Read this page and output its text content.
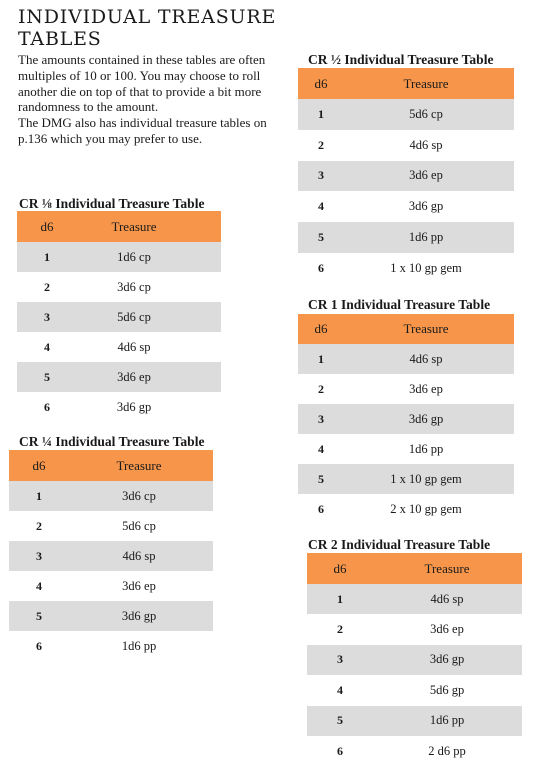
INDIVIDUAL TREASURE TABLES

The amounts contained in these tables are often multiples of 10 or 100. You may choose to roll another die on top of that to provide a bit more randomness to the amount.

The DMG also has individual treasure tables on p.136 which you may prefer to use.

CR ⅛ Individual Treasure Table
d6	Treasure
1	1d6 cp
2	3d6 cp
3	5d6 cp
4	4d6 sp
5	3d6 ep
6	3d6 gp
CR ¼ Individual Treasure Table
d6	Treasure
1	3d6 cp
2	5d6 cp
3	4d6 sp
4	3d6 ep
5	3d6 gp
6	1d6 pp
CR ½ Individual Treasure Table
d6	Treasure
1	5d6 cp
2	4d6 sp
3	3d6 ep
4	3d6 gp
5	1d6 pp
6	1 x 10 gp gem
CR 1 Individual Treasure Table
d6	Treasure
1	4d6 sp
2	3d6 ep
3	3d6 gp
4	1d6 pp
5	1 x 10 gp gem
6	2 x 10 gp gem
CR 2 Individual Treasure Table
d6	Treasure
1	4d6 sp
2	3d6 ep
3	3d6 gp
4	5d6 gp
5	1d6 pp
6	2 d6 pp
